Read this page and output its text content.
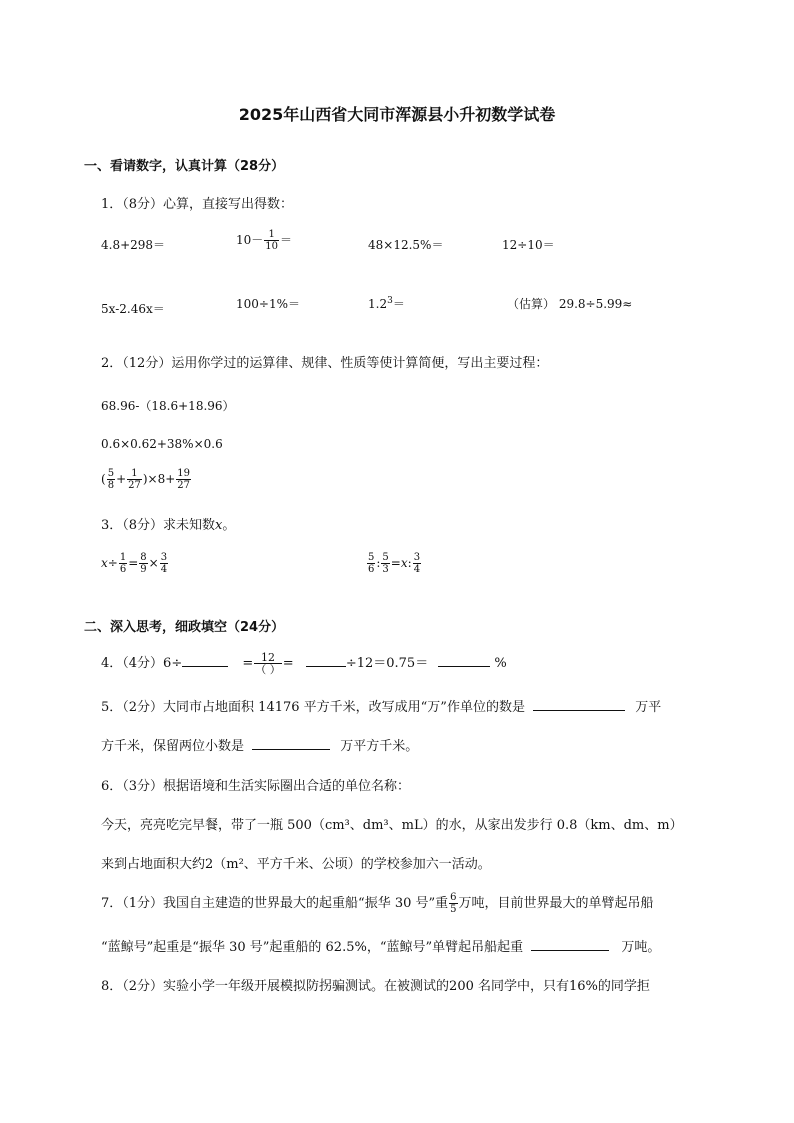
2025年山西省大同市浑源县小升初数学试卷
一、看请数字，认真计算（28分）
1．（8分）心算，直接写出得数：
4.8+298＝	$10- \frac{1}{10}$ ＝	48×12.5%＝	12÷10＝
5x-2.46x＝	100÷1%＝	$1.2^3=$	（估算） 29.8÷5.99≈
2．（12分）运用你学过的运算律、规律、性质等使计算简便，写出主要过程：
68.96-（18.6+18.96）
0.6×0.62+38%×0.6
( $\frac{5}{8} + \frac{1}{27} )\times 8+ \frac{19}{27}$
3．（8分）求未知数x。
$x\div \frac{1}{6} = \frac{8}{9} \times \frac{3}{4}$	$\frac{5}{6}$ : $\frac{5}{3} =x$: $\frac{3}{4}$
二、深入思考，细政填空（24分）
4．（4分）6÷	= $\frac{12}{( )}$ =	÷12＝0.75＝	%
5．（2分）大同市占地面积 14176 平方千米，改写成用“万”作单位的数是	万平
方千米，保留两位小数是	万平方千米。
6．（3分）根据语境和生活实际圈出合适的单位名称：
今天，亮亮吃完早餐，带了一瓶 500（cm³、dm³、mL）的水，从家出发步行 0.8（km、dm、m）
来到占地面积大约2（m²、平方千米、公顷）的学校参加六一活动。
7．（1分）我国自主建造的世界最大的起重船“振华 30 号”重 $\frac{6}{5}$ 万吨，目前世界最大的单臂起吊船
“蓝鲸号”起重是“振华 30 号”起重船的 62.5%，“蓝鲸号”单臂起吊船起重	万吨。
8．（2分）实验小学一年级开展模拟防拐骗测试。在被测试的200 名同学中，只有16%的同学拒
